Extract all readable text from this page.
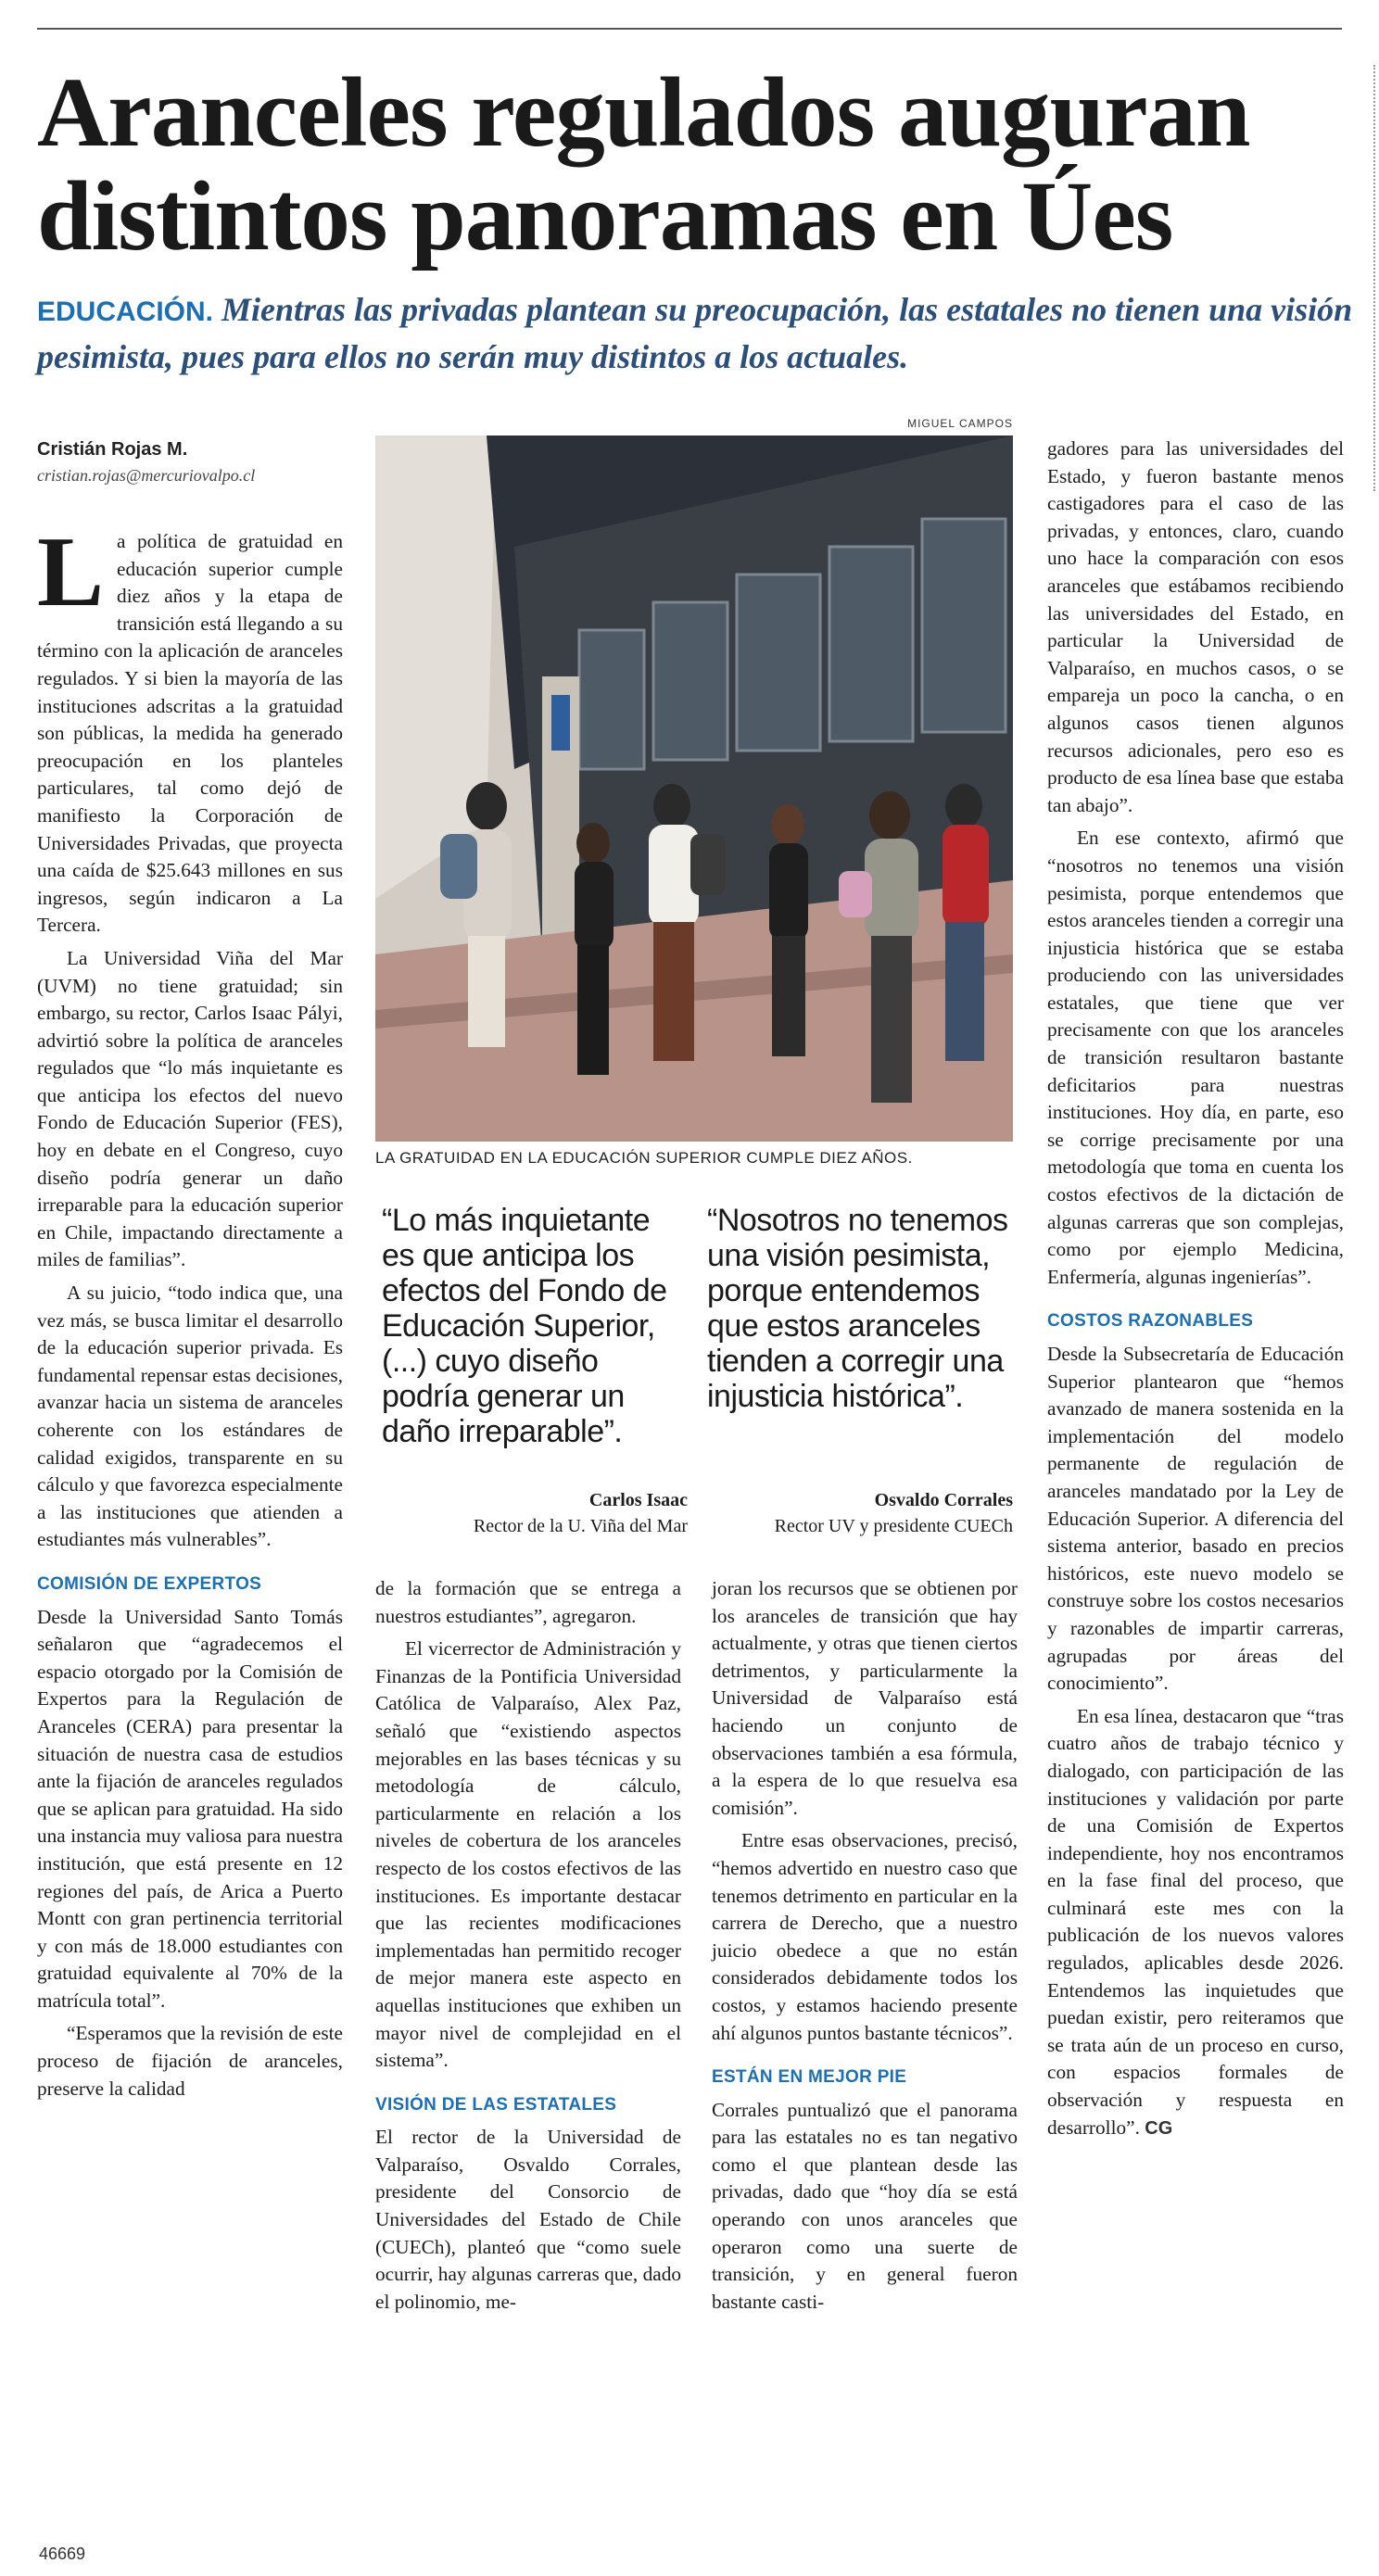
Aranceles regulados auguran distintos panoramas en Úes
EDUCACIÓN. Mientras las privadas plantean su preocupación, las estatales no tienen una visión pesimista, pues para ellos no serán muy distintos a los actuales.
Cristián Rojas M.
cristian.rojas@mercuriovalpo.cl

La política de gratuidad en educación superior cumple diez años y la etapa de transición está llegando a su término con la aplicación de aranceles regulados. Y si bien la mayoría de las instituciones adscritas a la gratuidad son públicas, la medida ha generado preocupación en los planteles particulares, tal como dejó de manifiesto la Corporación de Universidades Privadas, que proyecta una caída de $25.643 millones en sus ingresos, según indicaron a La Tercera.

La Universidad Viña del Mar (UVM) no tiene gratuidad; sin embargo, su rector, Carlos Isaac Pályi, advirtió sobre la política de aranceles regulados que “lo más inquietante es que anticipa los efectos del nuevo Fondo de Educación Superior (FES), hoy en debate en el Congreso, cuyo diseño podría generar un daño irreparable para la educación superior en Chile, impactando directamente a miles de familias”.

A su juicio, “todo indica que, una vez más, se busca limitar el desarrollo de la educación superior privada. Es fundamental repensar estas decisiones, avanzar hacia un sistema de aranceles coherente con los estándares de calidad exigidos, transparente en su cálculo y que favorezca especialmente a las instituciones que atienden a estudiantes más vulnerables”.

COMISIÓN DE EXPERTOS

Desde la Universidad Santo Tomás señalaron que “agradecemos el espacio otorgado por la Comisión de Expertos para la Regulación de Aranceles (CERA) para presentar la situación de nuestra casa de estudios ante la fijación de aranceles regulados que se aplican para gratuidad. Ha sido una instancia muy valiosa para nuestra institución, que está presente en 12 regiones del país, de Arica a Puerto Montt con gran pertinencia territorial y con más de 18.000 estudiantes con gratuidad equivalente al 70% de la matrícula total”.

“Esperamos que la revisión de este proceso de fijación de aranceles, preserve la calidad

MIGUEL CAMPOS
LA GRATUIDAD EN LA EDUCACIÓN SUPERIOR CUMPLE DIEZ AÑOS.
“Lo más inquietante es que anticipa los efectos del Fondo de Educación Superior, (...) cuyo diseño podría generar un daño irreparable”.
Carlos Isaac
Rector de la U. Viña del Mar
“Nosotros no tenemos una visión pesimista, porque entendemos que estos aranceles tienden a corregir una injusticia histórica”.
Osvaldo Corrales
Rector UV y presidente CUECh

de la formación que se entrega a nuestros estudiantes”, agregaron.

El vicerrector de Administración y Finanzas de la Pontificia Universidad Católica de Valparaíso, Alex Paz, señaló que “existiendo aspectos mejorables en las bases técnicas y su metodología de cálculo, particularmente en relación a los niveles de cobertura de los aranceles respecto de los costos efectivos de las instituciones. Es importante destacar que las recientes modificaciones implementadas han permitido recoger de mejor manera este aspecto en aquellas instituciones que exhiben un mayor nivel de complejidad en el sistema”.

VISIÓN DE LAS ESTATALES

El rector de la Universidad de Valparaíso, Osvaldo Corrales, presidente del Consorcio de Universidades del Estado de Chile (CUECh), planteó que “como suele ocurrir, hay algunas carreras que, dado el polinomio, me-

joran los recursos que se obtienen por los aranceles de transición que hay actualmente, y otras que tienen ciertos detrimentos, y particularmente la Universidad de Valparaíso está haciendo un conjunto de observaciones también a esa fórmula, a la espera de lo que resuelva esa comisión”.

Entre esas observaciones, precisó, “hemos advertido en nuestro caso que tenemos detrimento en particular en la carrera de Derecho, que a nuestro juicio obedece a que no están considerados debidamente todos los costos, y estamos haciendo presente ahí algunos puntos bastante técnicos”.

ESTÁN EN MEJOR PIE

Corrales puntualizó que el panorama para las estatales no es tan negativo como el que plantean desde las privadas, dado que “hoy día se está operando con unos aranceles que operaron como una suerte de transición, y en general fueron bastante casti-

gadores para las universidades del Estado, y fueron bastante menos castigadores para el caso de las privadas, y entonces, claro, cuando uno hace la comparación con esos aranceles que estábamos recibiendo las universidades del Estado, en particular la Universidad de Valparaíso, en muchos casos, o se empareja un poco la cancha, o en algunos casos tienen algunos recursos adicionales, pero eso es producto de esa línea base que estaba tan abajo”.

En ese contexto, afirmó que “nosotros no tenemos una visión pesimista, porque entendemos que estos aranceles tienden a corregir una injusticia histórica que se estaba produciendo con las universidades estatales, que tiene que ver precisamente con que los aranceles de transición resultaron bastante deficitarios para nuestras instituciones. Hoy día, en parte, eso se corrige precisamente por una metodología que toma en cuenta los costos efectivos de la dictación de algunas carreras que son complejas, como por ejemplo Medicina, Enfermería, algunas ingenierías”.

COSTOS RAZONABLES

Desde la Subsecretaría de Educación Superior plantearon que “hemos avanzado de manera sostenida en la implementación del modelo permanente de regulación de aranceles mandatado por la Ley de Educación Superior. A diferencia del sistema anterior, basado en precios históricos, este nuevo modelo se construye sobre los costos necesarios y razonables de impartir carreras, agrupadas por áreas del conocimiento”.

En esa línea, destacaron que “tras cuatro años de trabajo técnico y dialogado, con participación de las instituciones y validación por parte de una Comisión de Expertos independiente, hoy nos encontramos en la fase final del proceso, que culminará este mes con la publicación de los nuevos valores regulados, aplicables desde 2026. Entendemos las inquietudes que puedan existir, pero reiteramos que se trata aún de un proceso en curso, con espacios formales de observación y respuesta en desarrollo”. CG

46669
